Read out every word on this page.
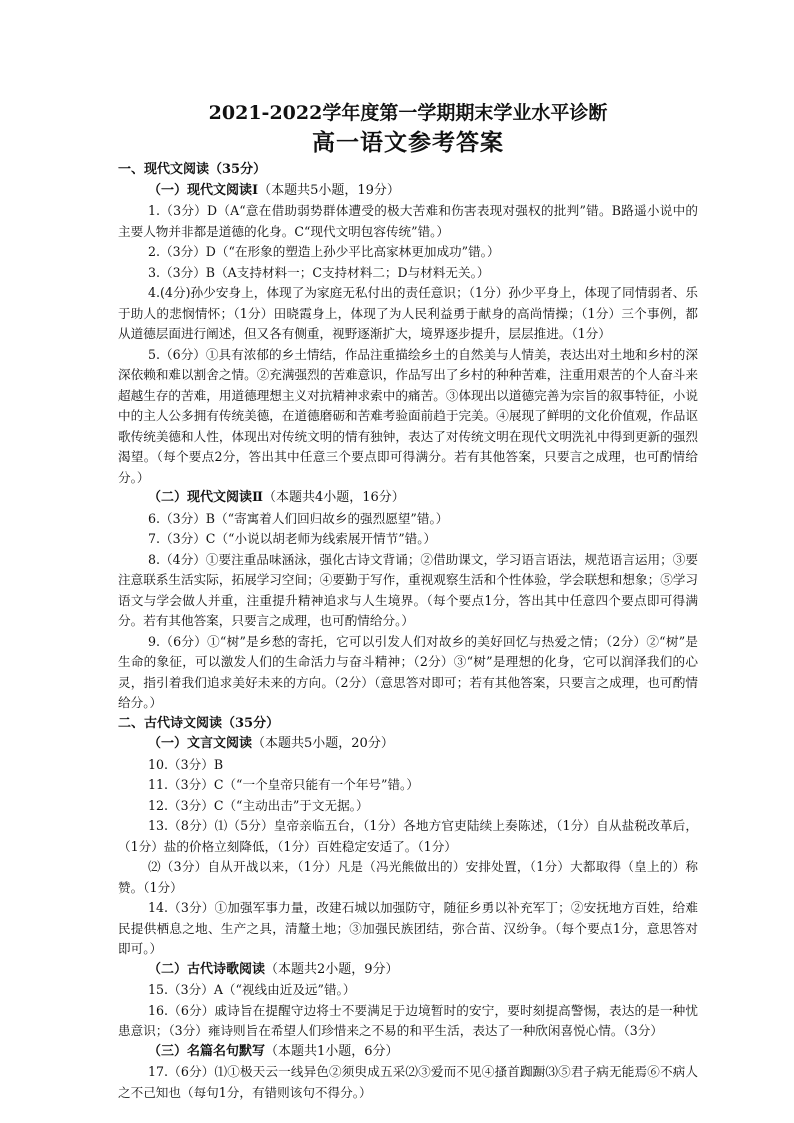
2021-2022学年度第一学期期末学业水平诊断
高一语文参考答案
一、现代文阅读（35分）
（一）现代文阅读Ⅰ（本题共5小题，19分）

1.（3分）D（A“意在借助弱势群体遭受的极大苦难和伤害表现对强权的批判”错。B路遥小说中的主要人物并非都是道德的化身。C“现代文明包容传统”错。）

2.（3分）D（“在形象的塑造上孙少平比高家林更加成功”错。）

3.（3分）B（A支持材料一；C支持材料二；D与材料无关。）

4.(4分)孙少安身上，体现了为家庭无私付出的责任意识；（1分）孙少平身上，体现了同情弱者、乐于助人的悲悯情怀；（1分）田晓霞身上，体现了为人民利益勇于献身的高尚情操；（1分）三个事例，都从道德层面进行阐述，但又各有侧重，视野逐渐扩大，境界逐步提升，层层推进。（1分）

5.（6分）①具有浓郁的乡土情结，作品注重描绘乡土的自然美与人情美，表达出对土地和乡村的深深依赖和难以割舍之情。②充满强烈的苦难意识，作品写出了乡村的种种苦难，注重用艰苦的个人奋斗来超越生存的苦难，用道德理想主义对抗精神求索中的痛苦。③体现出以道德完善为宗旨的叙事特征，小说中的主人公多拥有传统美德，在道德磨砺和苦难考验面前趋于完美。④展现了鲜明的文化价值观，作品讴歌传统美德和人性，体现出对传统文明的情有独钟，表达了对传统文明在现代文明洗礼中得到更新的强烈渴望。（每个要点2分，答出其中任意三个要点即可得满分。若有其他答案，只要言之成理，也可酌情给分。）

（二）现代文阅读Ⅱ（本题共4小题，16分）

6.（3分）B（“寄寓着人们回归故乡的强烈愿望”错。）

7.（3分）C（“小说以胡老师为线索展开情节”错。）

8.（4分）①要注重品味涵泳，强化古诗文背诵；②借助课文，学习语言语法，规范语言运用；③要注意联系生活实际，拓展学习空间；④要勤于写作，重视观察生活和个性体验，学会联想和想象；⑤学习语文与学会做人并重，注重提升精神追求与人生境界。（每个要点1分，答出其中任意四个要点即可得满分。若有其他答案，只要言之成理，也可酌情给分。）

9.（6分）①“树”是乡愁的寄托，它可以引发人们对故乡的美好回忆与热爱之情；（2分）②“树”是生命的象征，可以激发人们的生命活力与奋斗精神；（2分）③“树”是理想的化身，它可以润泽我们的心灵，指引着我们追求美好未来的方向。（2分）（意思答对即可；若有其他答案，只要言之成理，也可酌情给分。）

二、古代诗文阅读（35分）
（一）文言文阅读（本题共5小题，20分）

10.（3分）B

11.（3分）C（“一个皇帝只能有一个年号”错。）

12.（3分）C（“主动出击”于文无据。）

13.（8分）⑴（5分）皇帝亲临五台，（1分）各地方官吏陆续上奏陈述，（1分）自从盐税改革后，（1分）盐的价格立刻降低，（1分）百姓稳定安适了。（1分）

⑵（3分）自从开战以来，（1分）凡是（冯光熊做出的）安排处置，（1分）大都取得（皇上的）称赞。（1分）

14.（3分）①加强军事力量，改建石城以加强防守，随征乡勇以补充军丁；②安抚地方百姓，给难民提供栖息之地、生产之具，清釐土地；③加强民族团结，弥合苗、汉纷争。（每个要点1分，意思答对即可。）

（二）古代诗歌阅读（本题共2小题，9分）

15.（3分）A（“视线由近及远”错。）

16.（6分）戚诗旨在提醒守边将士不要满足于边境暂时的安宁，要时刻提高警惕，表达的是一种忧患意识；（3分）雍诗则旨在希望人们珍惜来之不易的和平生活，表达了一种欣闲喜悦心情。（3分）

（三）名篇名句默写（本题共1小题，6分）

17.（6分）⑴①极天云一线异色②须臾成五采⑵③爱而不见④搔首踟蹰⑶⑤君子病无能焉⑥不病人之不己知也（每句1分，有错则该句不得分。）
